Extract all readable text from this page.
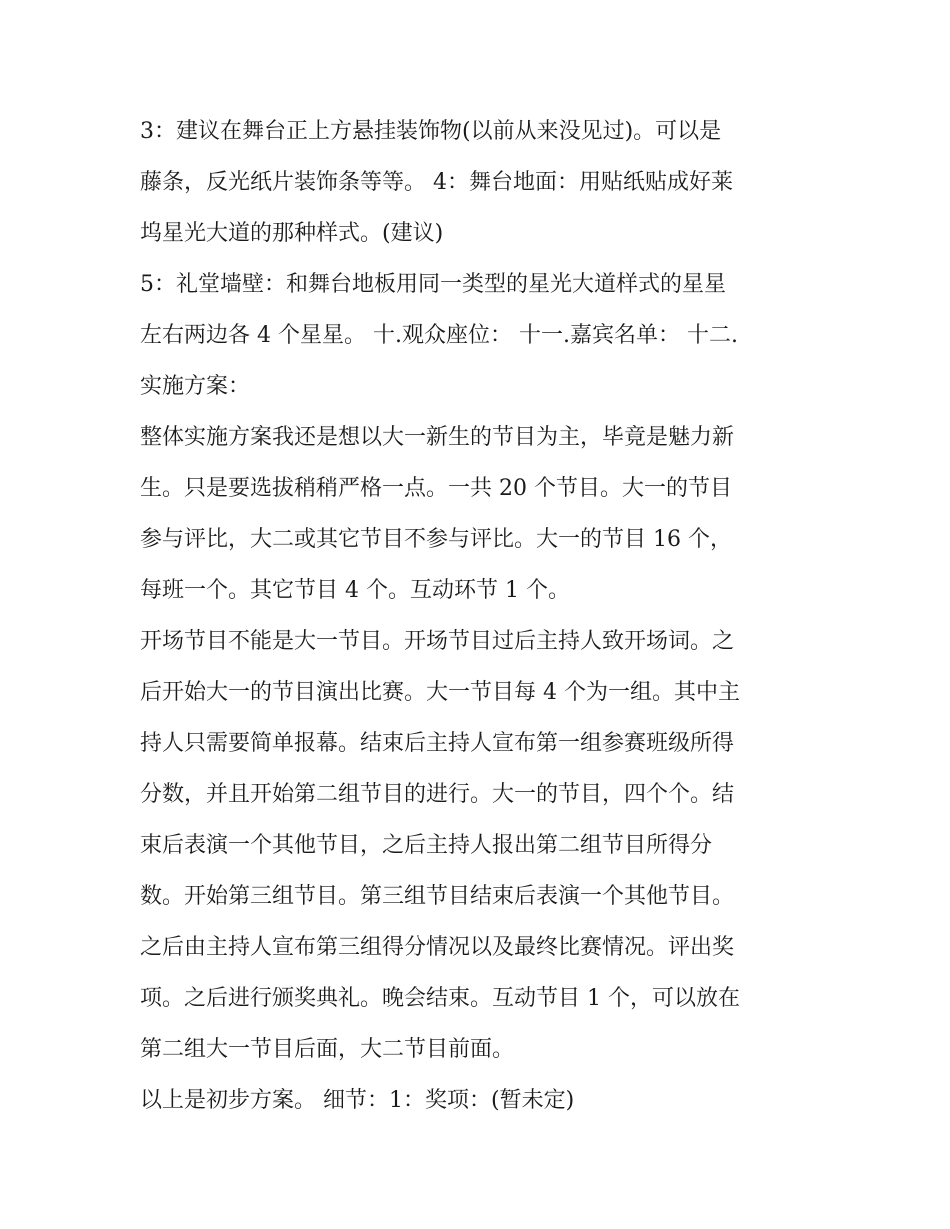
3：建议在舞台正上方悬挂装饰物(以前从来没见过)。可以是
藤条，反光纸片装饰条等等。 4：舞台地面：用贴纸贴成好莱
坞星光大道的那种样式。(建议)
5：礼堂墙壁：和舞台地板用同一类型的星光大道样式的星星
左右两边各 4 个星星。 十.观众座位： 十一.嘉宾名单： 十二.
实施方案：
整体实施方案我还是想以大一新生的节目为主，毕竟是魅力新
生。只是要选拔稍稍严格一点。一共 20 个节目。大一的节目
参与评比，大二或其它节目不参与评比。大一的节目 16 个，
每班一个。其它节目 4 个。互动环节 1 个。
开场节目不能是大一节目。开场节目过后主持人致开场词。之
后开始大一的节目演出比赛。大一节目每 4 个为一组。其中主
持人只需要简单报幕。结束后主持人宣布第一组参赛班级所得
分数，并且开始第二组节目的进行。大一的节目，四个个。结
束后表演一个其他节目，之后主持人报出第二组节目所得分
数。开始第三组节目。第三组节目结束后表演一个其他节目。
之后由主持人宣布第三组得分情况以及最终比赛情况。评出奖
项。之后进行颁奖典礼。晚会结束。互动节目 1 个，可以放在
第二组大一节目后面，大二节目前面。
以上是初步方案。 细节：1：奖项：(暂未定)
